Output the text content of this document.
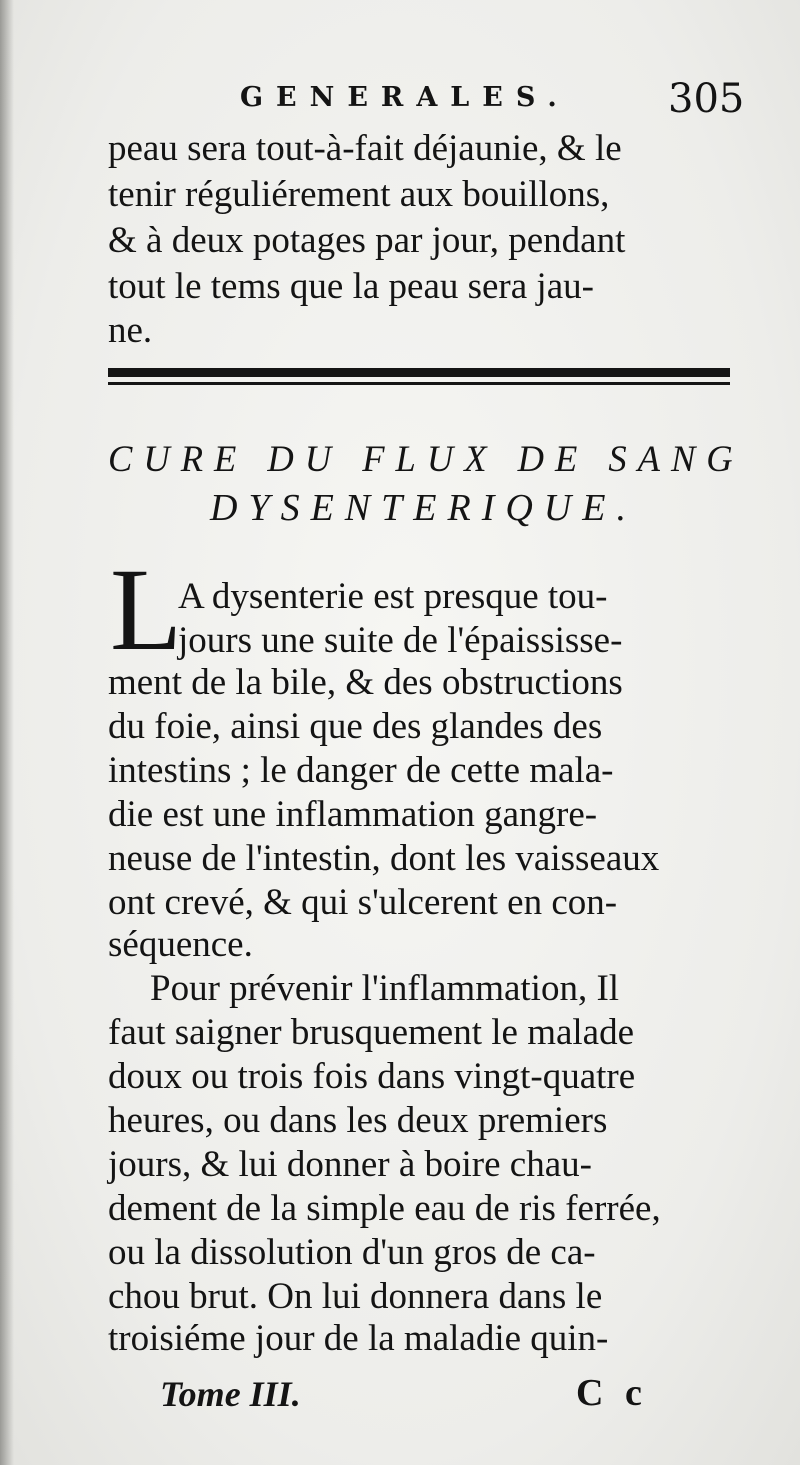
GENERALES. 305
peau sera tout-à-fait déjaunie, & le
tenir réguliérement aux bouillons,
& à deux potages par jour, pendant
tout le tems que la peau sera jau-
ne.
CURE DU FLUX DE SANG
DYSENTERIQUE.
L
A dysenterie est presque tou-
jours une suite de l'épaississe-
ment de la bile, & des obstructions
du foie, ainsi que des glandes des
intestins ; le danger de cette mala-
die est une inflammation gangre-
neuse de l'intestin, dont les vaisseaux
ont crevé, & qui s'ulcerent en con-
séquence.
Pour prévenir l'inflammation, Il
faut saigner brusquement le malade
doux ou trois fois dans vingt-quatre
heures, ou dans les deux premiers
jours, & lui donner à boire chau-
dement de la simple eau de ris ferrée,
ou la dissolution d'un gros de ca-
chou brut. On lui donnera dans le
troisiéme jour de la maladie quin-
Tome III.	C c
